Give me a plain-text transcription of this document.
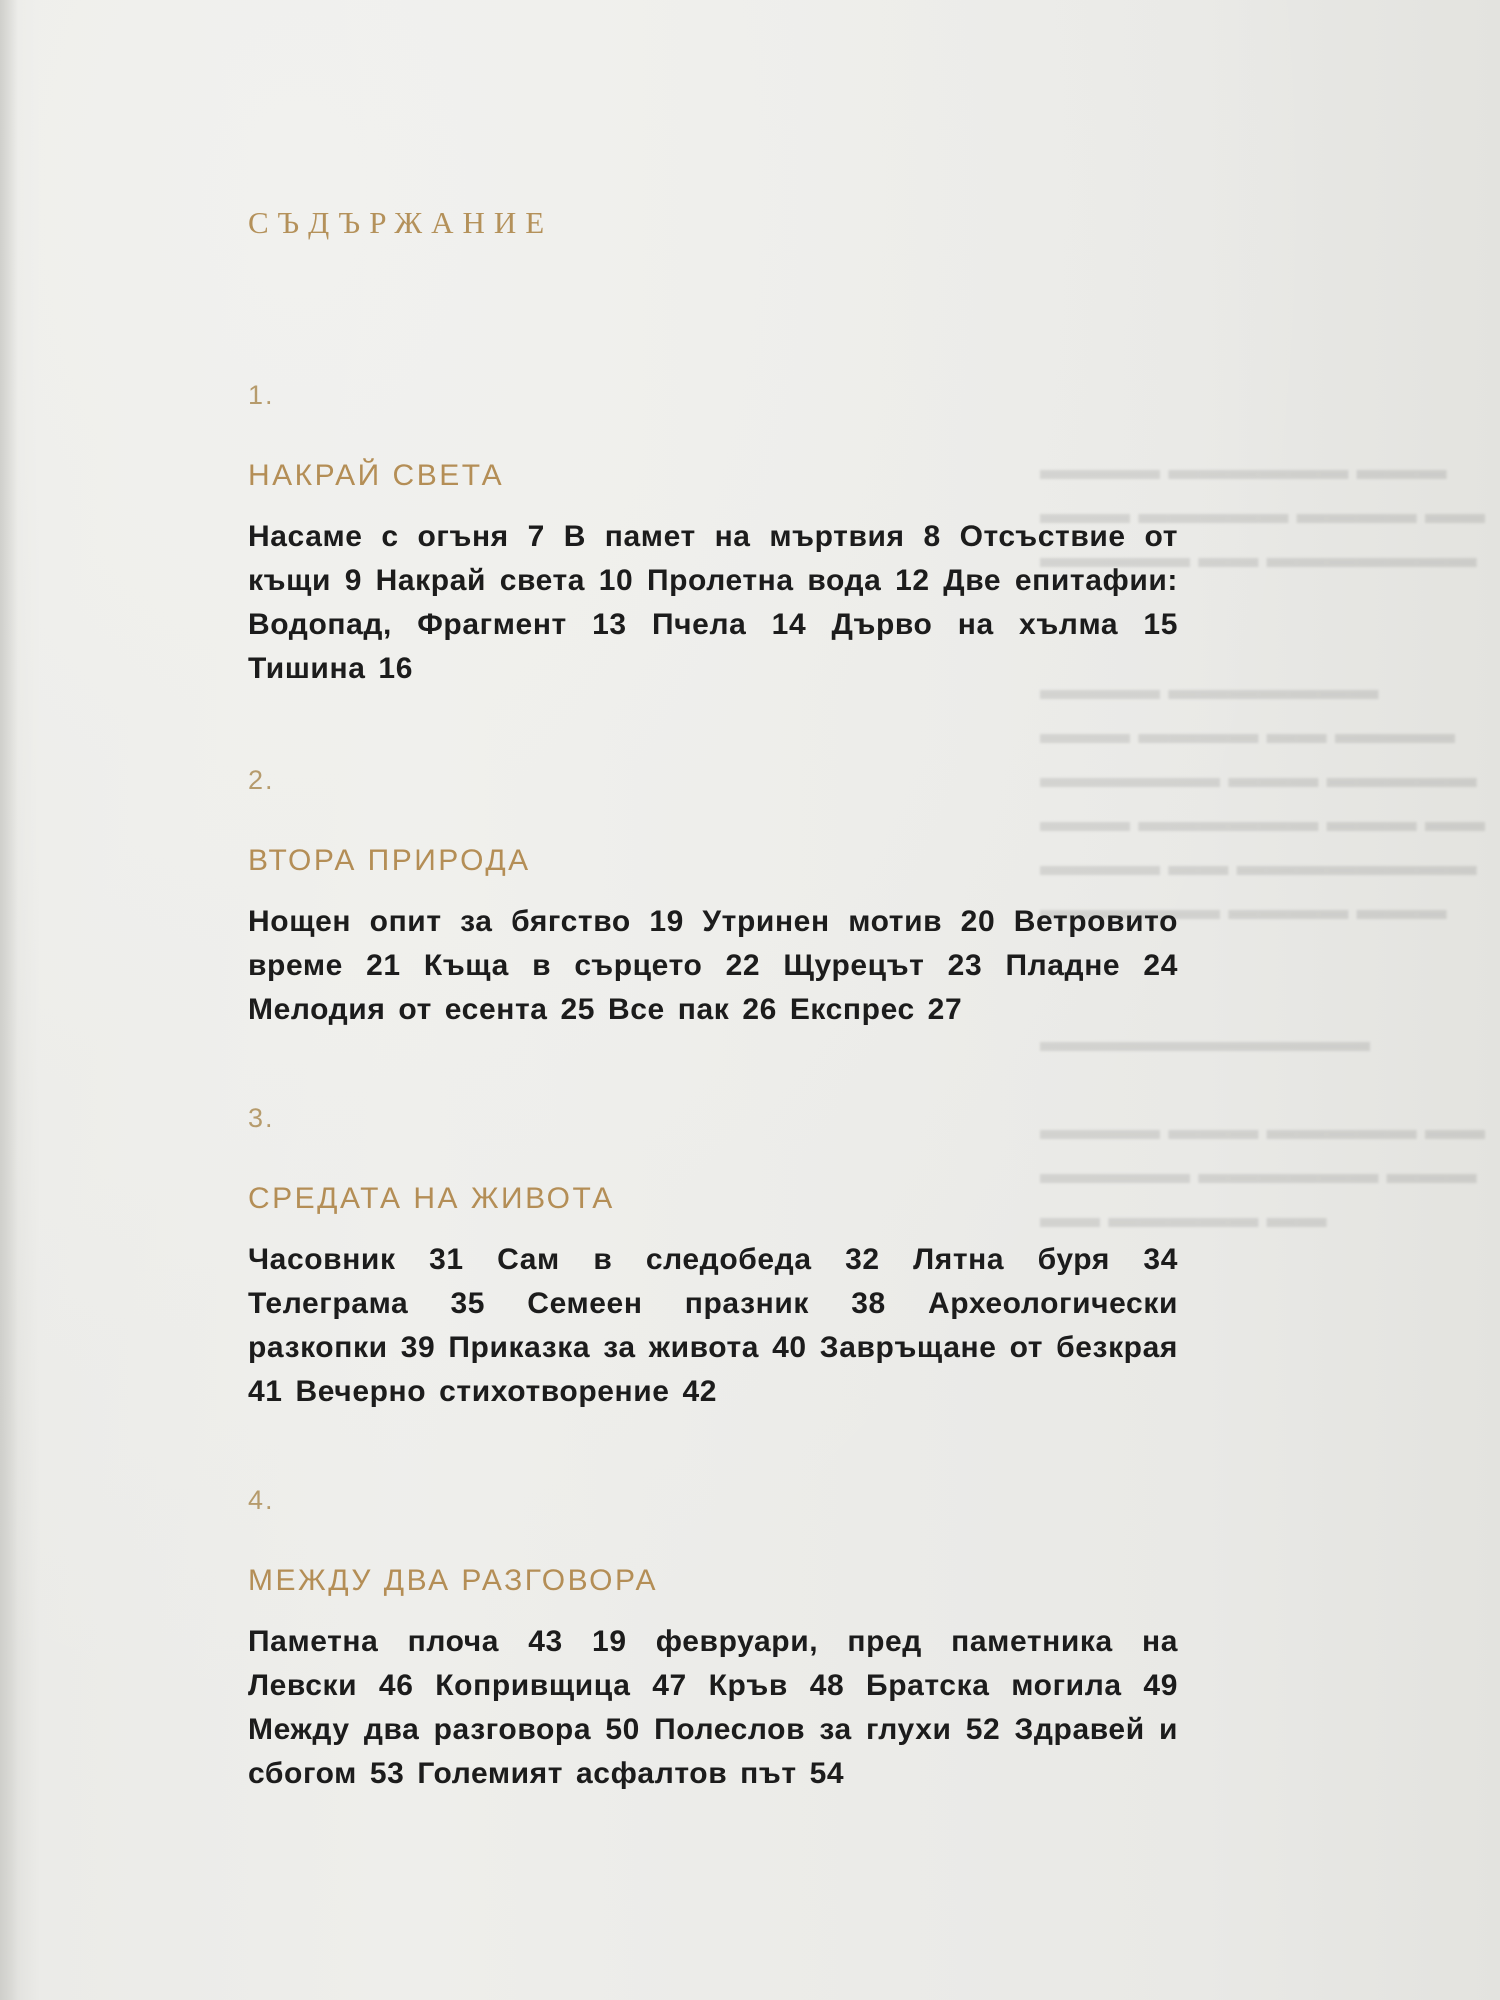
▬▬▬▬ ▬▬▬▬▬▬ ▬▬▬
▬▬▬ ▬▬▬▬▬ ▬▬▬▬ ▬▬
▬▬▬▬▬ ▬▬ ▬▬▬▬▬▬▬

▬▬▬▬ ▬▬▬▬▬▬▬
▬▬▬ ▬▬▬▬ ▬▬ ▬▬▬▬
▬▬▬▬▬▬ ▬▬▬ ▬▬▬▬▬
▬▬▬ ▬▬▬▬▬▬ ▬▬▬ ▬▬
▬▬▬▬ ▬▬ ▬▬▬▬▬▬▬▬
▬▬▬▬▬▬ ▬▬▬▬ ▬▬▬

▬▬▬▬▬▬▬▬▬▬▬

▬▬▬▬ ▬▬▬ ▬▬▬▬▬ ▬▬
▬▬▬▬▬ ▬▬▬▬▬▬ ▬▬▬
▬▬ ▬▬▬▬▬ ▬▬
СЪДЪРЖАНИЕ
1.
НАКРАЙ СВЕТА
Насаме с огъня 7 В памет на мъртвия 8 Отсъствие от къщи 9 Накрай света 10 Пролетна вода 12 Две епитафии: Водопад, Фрагмент 13 Пчела 14 Дърво на хълма 15 Тишина 16
2.
ВТОРА ПРИРОДА
Нощен опит за бягство 19 Утринен мотив 20 Ветровито време 21 Къща в сърцето 22 Щурецът 23 Пладне 24 Мелодия от есента 25 Все пак 26 Експрес 27
3.
СРЕДАТА НА ЖИВОТА
Часовник 31 Сам в следобеда 32 Лятна буря 34 Телеграма 35 Семеен празник 38 Археологически разкопки 39 Приказка за живота 40 Завръщане от безкрая 41 Вечерно стихотворение 42
4.
МЕЖДУ ДВА РАЗГОВОРА
Паметна плоча 43 19 февруари, пред паметника на Левски 46 Копривщица 47 Кръв 48 Братска могила 49 Между два разговора 50 Полеслов за глухи 52 Здравей и сбогом 53 Големият асфалтов път 54
